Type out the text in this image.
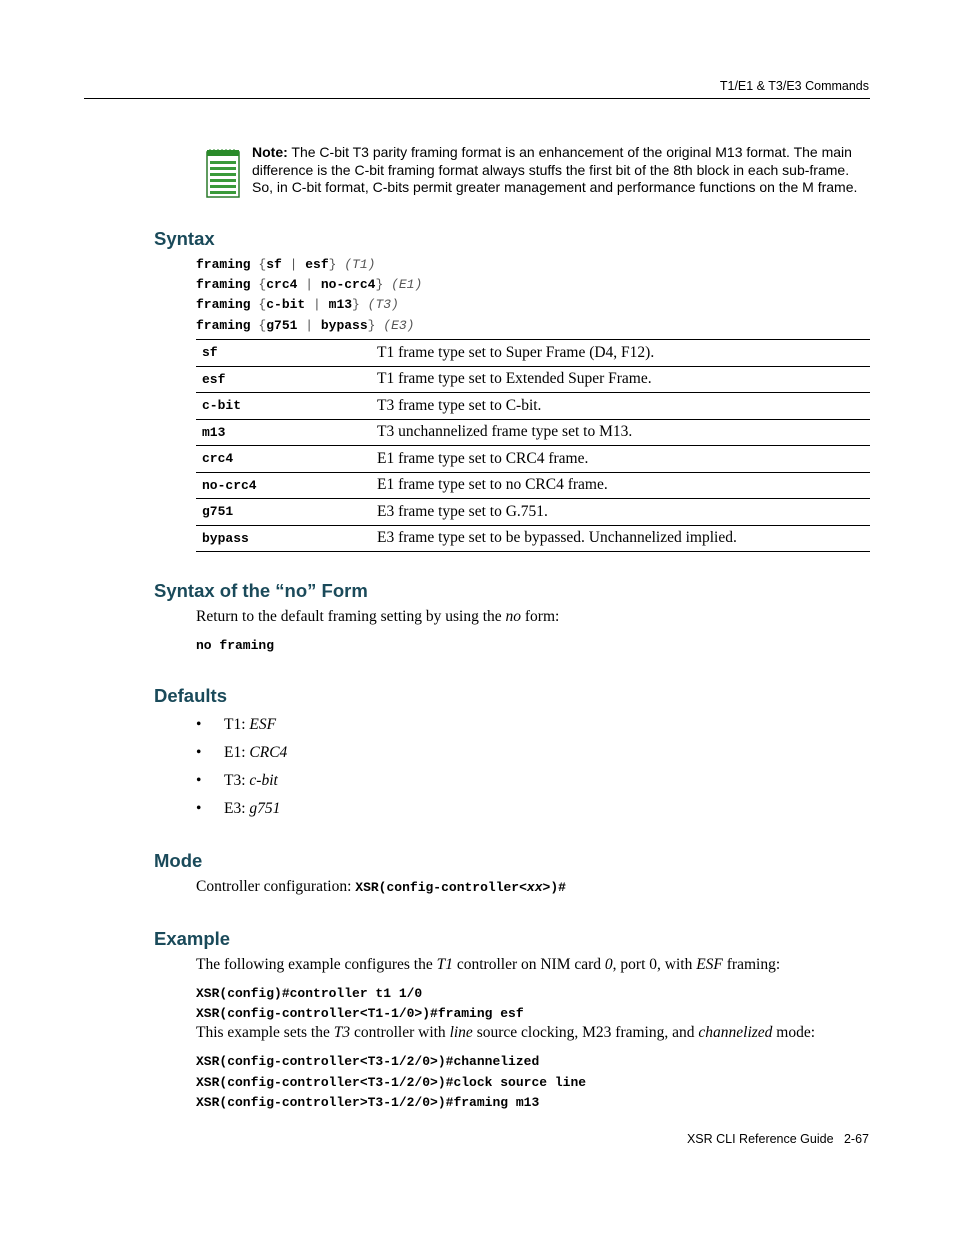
T1/E1 & T3/E3 Commands
Note: The C-bit T3 parity framing format is an enhancement of the original M13 format. The main difference is the C-bit framing format always stuffs the first bit of the 8th block in each sub-frame. So, in C-bit format, C-bits permit greater management and performance functions on the M frame.
Syntax
framing {sf | esf} (T1)
framing {crc4 | no-crc4} (E1)
framing {c-bit | m13} (T3)
framing {g751 | bypass} (E3)
sf	T1 frame type set to Super Frame (D4, F12).
esf	T1 frame type set to Extended Super Frame.
c-bit	T3 frame type set to C-bit.
m13	T3 unchannelized frame type set to M13.
crc4	E1 frame type set to CRC4 frame.
no-crc4	E1 frame type set to no CRC4 frame.
g751	E3 frame type set to G.751.
bypass	E3 frame type set to be bypassed. Unchannelized implied.
Syntax of the “no” Form
Return to the default framing setting by using the no form:
no framing
Defaults
• T1: ESF
• E1: CRC4
• T3: c-bit
• E3: g751
Mode
Controller configuration: XSR(config-controller<xx>)#
Example
The following example configures the T1 controller on NIM card 0, port 0, with ESF framing:
XSR(config)#controller t1 1/0
XSR(config-controller<T1-1/0>)#framing esf
This example sets the T3 controller with line source clocking, M23 framing, and channelized mode:
XSR(config-controller<T3-1/2/0>)#channelized
XSR(config-controller<T3-1/2/0>)#clock source line
XSR(config-controller>T3-1/2/0>)#framing m13
XSR CLI Reference Guide 2-67
